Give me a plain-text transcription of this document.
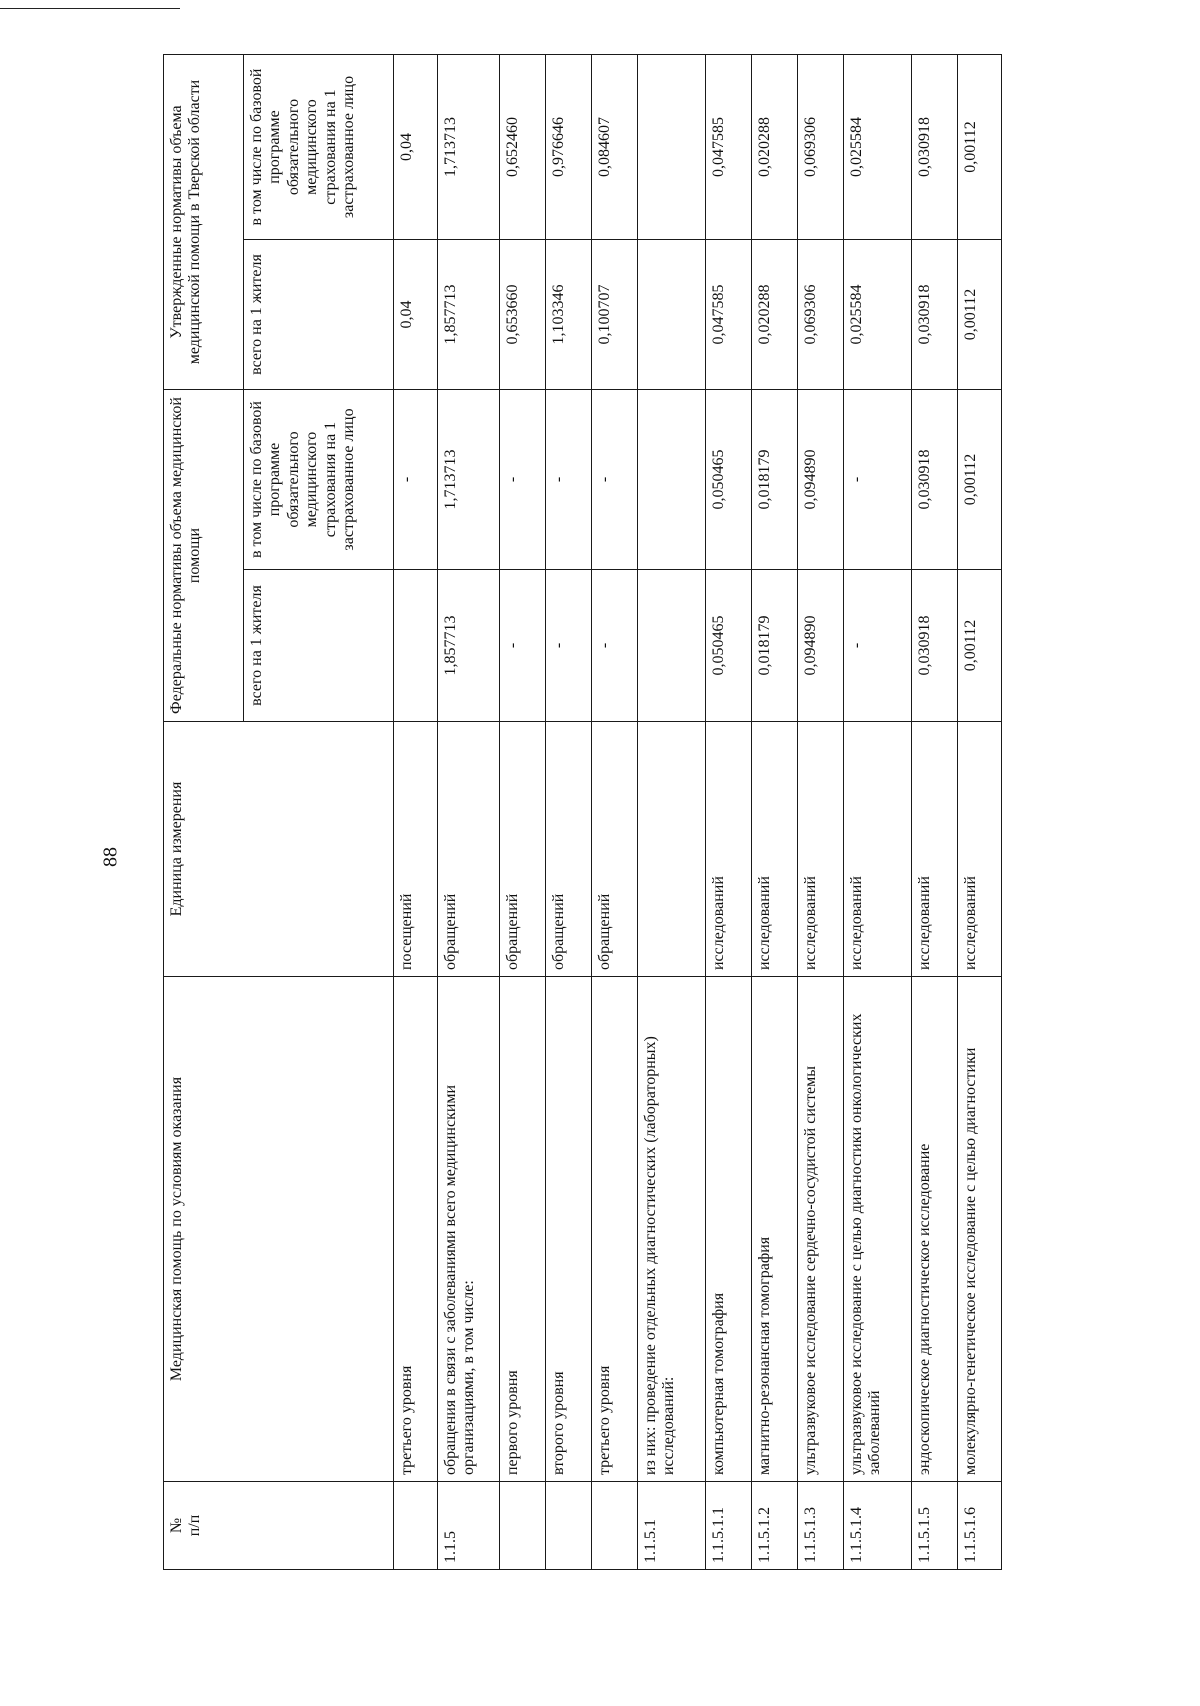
88
№
п/п	Медицинская помощь по условиям оказания	Единица измерения	Федеральные нормативы объема медицинской помощи		Утвержденные нормативы объема медицинской помощи в Тверской области	
			всего на 1 жителя	в том числе по базовой программе обязательного медицинского страхования на 1 застрахованное лицо	всего на 1 жителя	в том числе по базовой программе обязательного медицинского страхования на 1 застрахованное лицо
	третьего уровня	посещений		-	0,04	0,04
1.1.5	обращения в связи с заболеваниями всего медицинскими организациями, в том числе:	обращений	1,857713	1,713713	1,857713	1,713713
	первого уровня	обращений	-	-	0,653660	0,652460
	второго уровня	обращений	-	-	1,103346	0,976646
	третьего уровня	обращений	-	-	0,100707	0,084607
1.1.5.1	из них: проведение отдельных диагностических (лабораторных) исследований:					
1.1.5.1.1	компьютерная томография	исследований	0,050465	0,050465	0,047585	0,047585
1.1.5.1.2	магнитно-резонансная томография	исследований	0,018179	0,018179	0,020288	0,020288
1.1.5.1.3	ультразвуковое исследование сердечно-сосудистой системы	исследований	0,094890	0,094890	0,069306	0,069306
1.1.5.1.4	ультразвуковое исследование с целью диагностики онкологических заболеваний	исследований	-	-	0,025584	0,025584
1.1.5.1.5	эндоскопическое диагностическое исследование	исследований	0,030918	0,030918	0,030918	0,030918
1.1.5.1.6	молекулярно-генетическое исследование с целью диагностики	исследований	0,00112	0,00112	0,00112	0,00112
